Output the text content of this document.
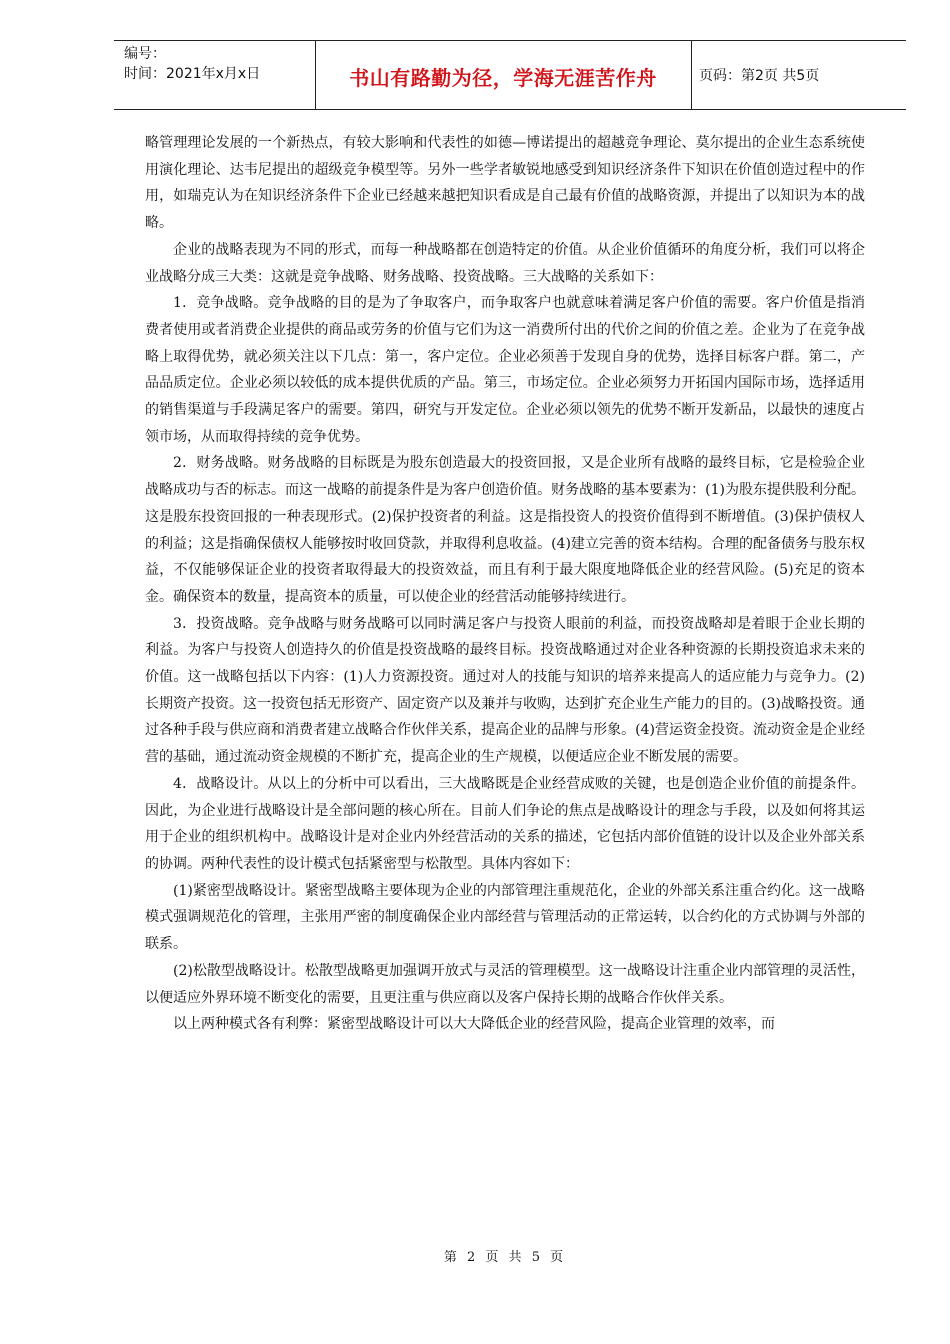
编号：
时间：2021年x月x日	书山有路勤为径，学海无涯苦作舟	页码：第2页 共5页

略管理理论发展的一个新热点，有较大影响和代表性的如德—博诺提出的超越竞争理论、莫尔提出的企业生态系统使用演化理论、达韦尼提出的超级竞争模型等。另外一些学者敏锐地感受到知识经济条件下知识在价值创造过程中的作用，如瑞克认为在知识经济条件下企业已经越来越把知识看成是自己最有价值的战略资源，并提出了以知识为本的战略。

企业的战略表现为不同的形式，而每一种战略都在创造特定的价值。从企业价值循环的角度分析，我们可以将企业战略分成三大类：这就是竞争战略、财务战略、投资战略。三大战略的关系如下：

1．竞争战略。竞争战略的目的是为了争取客户，而争取客户也就意味着满足客户价值的需要。客户价值是指消费者使用或者消费企业提供的商品或劳务的价值与它们为这一消费所付出的代价之间的价值之差。企业为了在竞争战略上取得优势，就必须关注以下几点：第一，客户定位。企业必须善于发现自身的优势，选择目标客户群。第二，产品品质定位。企业必须以较低的成本提供优质的产品。第三，市场定位。企业必须努力开拓国内国际市场，选择适用的销售渠道与手段满足客户的需要。第四，研究与开发定位。企业必须以领先的优势不断开发新品，以最快的速度占领市场，从而取得持续的竞争优势。

2．财务战略。财务战略的目标既是为股东创造最大的投资回报，又是企业所有战略的最终目标，它是检验企业战略成功与否的标志。而这一战略的前提条件是为客户创造价值。财务战略的基本要素为：(1)为股东提供股利分配。这是股东投资回报的一种表现形式。(2)保护投资者的利益。这是指投资人的投资价值得到不断增值。(3)保护债权人的利益；这是指确保债权人能够按时收回贷款，并取得利息收益。(4)建立完善的资本结构。合理的配备债务与股东权益，不仅能够保证企业的投资者取得最大的投资效益，而且有利于最大限度地降低企业的经营风险。(5)充足的资本金。确保资本的数量，提高资本的质量，可以使企业的经营活动能够持续进行。

3．投资战略。竞争战略与财务战略可以同时满足客户与投资人眼前的利益，而投资战略却是着眼于企业长期的利益。为客户与投资人创造持久的价值是投资战略的最终目标。投资战略通过对企业各种资源的长期投资追求未来的价值。这一战略包括以下内容：(1)人力资源投资。通过对人的技能与知识的培养来提高人的适应能力与竞争力。(2)长期资产投资。这一投资包括无形资产、固定资产以及兼并与收购，达到扩充企业生产能力的目的。(3)战略投资。通过各种手段与供应商和消费者建立战略合作伙伴关系，提高企业的品牌与形象。(4)营运资金投资。流动资金是企业经营的基础，通过流动资金规模的不断扩充，提高企业的生产规模，以便适应企业不断发展的需要。

4．战略设计。从以上的分析中可以看出，三大战略既是企业经营成败的关键，也是创造企业价值的前提条件。因此，为企业进行战略设计是全部问题的核心所在。目前人们争论的焦点是战略设计的理念与手段，以及如何将其运用于企业的组织机构中。战略设计是对企业内外经营活动的关系的描述，它包括内部价值链的设计以及企业外部关系的协调。两种代表性的设计模式包括紧密型与松散型。具体内容如下：

(1)紧密型战略设计。紧密型战略主要体现为企业的内部管理注重规范化，企业的外部关系注重合约化。这一战略模式强调规范化的管理，主张用严密的制度确保企业内部经营与管理活动的正常运转，以合约化的方式协调与外部的联系。

(2)松散型战略设计。松散型战略更加强调开放式与灵活的管理模型。这一战略设计注重企业内部管理的灵活性，以便适应外界环境不断变化的需要，且更注重与供应商以及客户保持长期的战略合作伙伴关系。

以上两种模式各有利弊：紧密型战略设计可以大大降低企业的经营风险，提高企业管理的效率，而

第 2 页 共 5 页
